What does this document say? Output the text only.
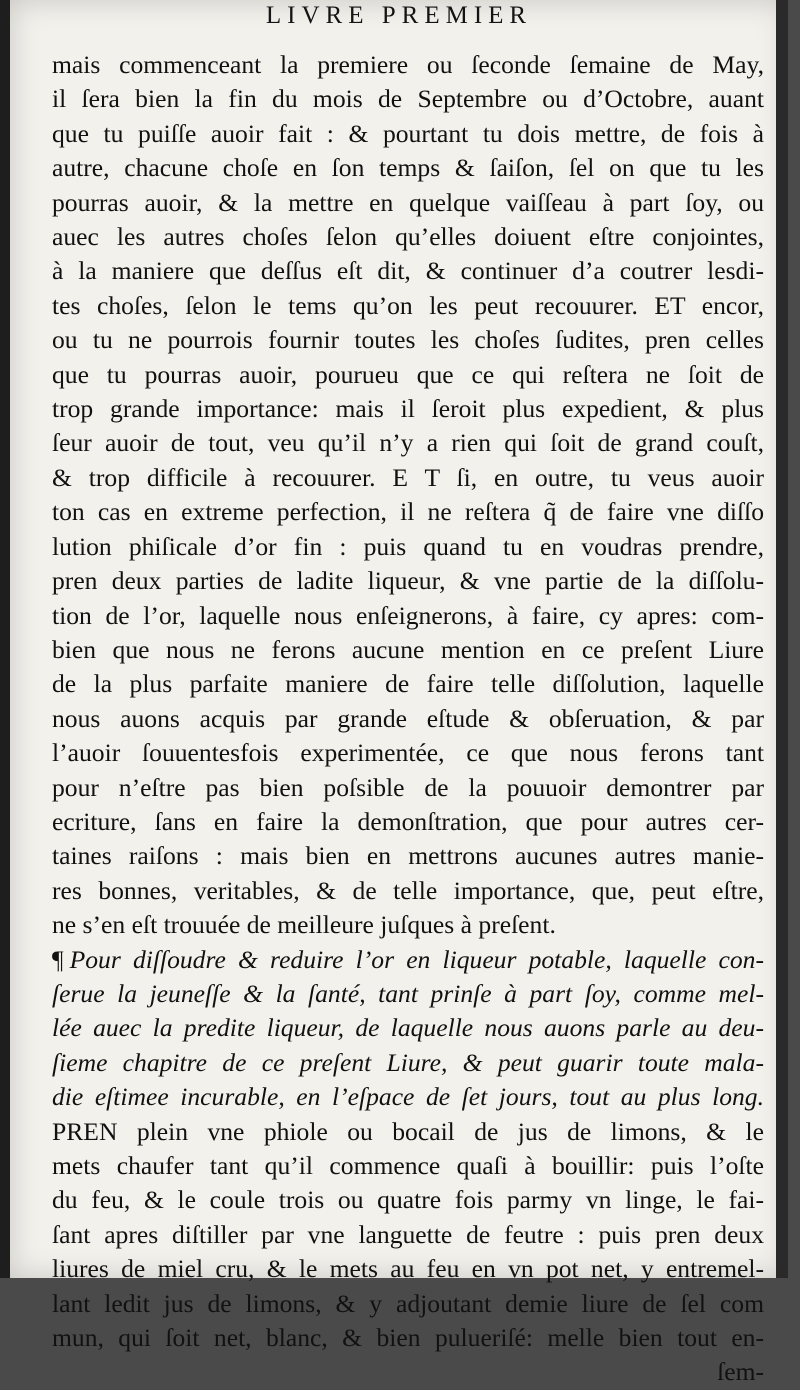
LIVRE PREMIER
mais commenceant la premiere ou ſeconde ſemaine de May,
il ſera bien la fin du mois de Septembre ou d’Octobre, auant
que tu puiſſe auoir fait : & pourtant tu dois mettre, de fois à
autre, chacune choſe en ſon temps & ſaiſon, ſel on que tu les
pourras auoir, & la mettre en quelque vaiſſeau à part ſoy, ou
auec les autres choſes ſelon qu’elles doiuent eſtre conjointes,
à la maniere que deſſus eſt dit, & continuer d’a coutrer lesdi-
tes choſes, ſelon le tems qu’on les peut recouurer. ET encor,
ou tu ne pourrois fournir toutes les choſes ſudites, pren celles
que tu pourras auoir, pourueu que ce qui reſtera ne ſoit de
trop grande importance: mais il ſeroit plus expedient, & plus
ſeur auoir de tout, veu qu’il n’y a rien qui ſoit de grand couſt,
& trop difficile à recouurer. E T ſi, en outre, tu veus auoir
ton cas en extreme perfection, il ne reſtera q̃ de faire vne diſſo
lution phiſicale d’or fin : puis quand tu en voudras prendre,
pren deux parties de ladite liqueur, & vne partie de la diſſolu-
tion de l’or, laquelle nous enſeignerons, à faire, cy apres: com-
bien que nous ne ferons aucune mention en ce preſent Liure
de la plus parfaite maniere de faire telle diſſolution, laquelle
nous auons acquis par grande eſtude & obſeruation, & par
l’auoir ſouuentesfois experimentée, ce que nous ferons tant
pour n’eſtre pas bien poſsible de la pouuoir demontrer par
ecriture, ſans en faire la demonſtration, que pour autres cer-
taines raiſons : mais bien en mettrons aucunes autres manie-
res bonnes, veritables, & de telle importance, que, peut eſtre,
ne s’en eſt trouuée de meilleure juſques à preſent.
¶ Pour diſſoudre & reduire l’or en liqueur potable, laquelle con-
ſerue la jeuneſſe & la ſanté, tant prinſe à part ſoy, comme mel-
lée auec la predite liqueur, de laquelle nous auons parle au deu-
ſieme chapitre de ce preſent Liure, & peut guarir toute mala-
die eſtimee incurable, en l’eſpace de ſet jours, tout au plus long.
PREN plein vne phiole ou bocail de jus de limons, & le
mets chaufer tant qu’il commence quaſi à bouillir: puis l’oſte
du feu, & le coule trois ou quatre fois parmy vn linge, le fai-
ſant apres diſtiller par vne languette de feutre : puis pren deux
liures de miel cru, & le mets au feu en vn pot net, y entremel-
lant ledit jus de limons, & y adjoutant demie liure de ſel com
mun, qui ſoit net, blanc, & bien pulueriſé: melle bien tout en-
ſem-
